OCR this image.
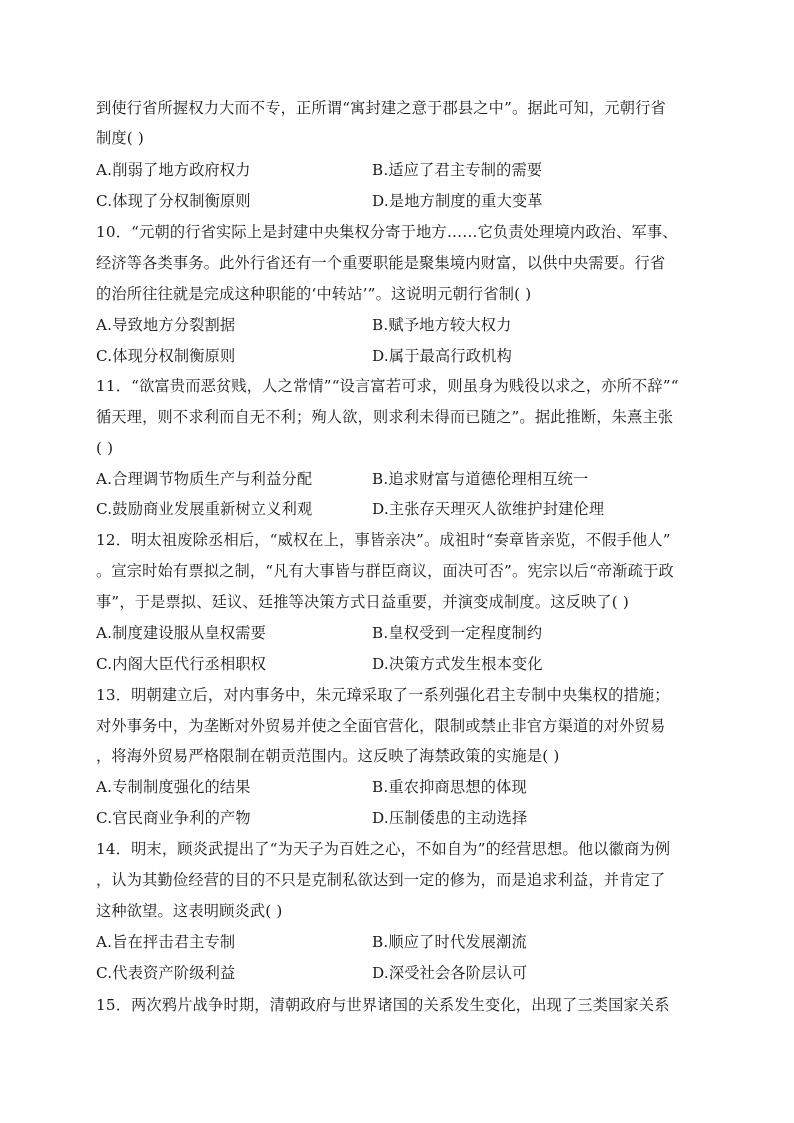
到使行省所握权力大而不专，正所谓“寓封建之意于郡县之中”。据此可知，元朝行省
制度( )
A.削弱了地方政府权力	B.适应了君主专制的需要
C.体现了分权制衡原则	D.是地方制度的重大变革
10．“元朝的行省实际上是封建中央集权分寄于地方……它负责处理境内政治、军事、
经济等各类事务。此外行省还有一个重要职能是聚集境内财富，以供中央需要。行省
的治所往往就是完成这种职能的‘中转站’”。这说明元朝行省制( )
A.导致地方分裂割据	B.赋予地方较大权力
C.体现分权制衡原则	D.属于最高行政机构
11．“欲富贵而恶贫贱，人之常情”“设言富若可求，则虽身为贱役以求之，亦所不辞”“
循天理，则不求利而自无不利；殉人欲，则求利未得而已随之”。据此推断，朱熹主张
( )
A.合理调节物质生产与利益分配	B.追求财富与道德伦理相互统一
C.鼓励商业发展重新树立义利观	D.主张存天理灭人欲维护封建伦理
12．明太祖废除丞相后，“威权在上，事皆亲决”。成祖时“奏章皆亲览，不假手他人”
。宣宗时始有票拟之制，“凡有大事皆与群臣商议，面决可否”。宪宗以后“帝渐疏于政
事”，于是票拟、廷议、廷推等决策方式日益重要，并演变成制度。这反映了( )
A.制度建设服从皇权需要	B.皇权受到一定程度制约
C.内阁大臣代行丞相职权	D.决策方式发生根本变化
13．明朝建立后，对内事务中，朱元璋采取了一系列强化君主专制中央集权的措施；
对外事务中，为垄断对外贸易并使之全面官营化，限制或禁止非官方渠道的对外贸易
，将海外贸易严格限制在朝贡范围内。这反映了海禁政策的实施是( )
A.专制制度强化的结果	B.重农抑商思想的体现
C.官民商业争利的产物	D.压制倭患的主动选择
14．明末，顾炎武提出了“为天子为百姓之心，不如自为”的经营思想。他以徽商为例
，认为其勤俭经营的目的不只是克制私欲达到一定的修为，而是追求利益，并肯定了
这种欲望。这表明顾炎武( )
A.旨在抨击君主专制	B.顺应了时代发展潮流
C.代表资产阶级利益	D.深受社会各阶层认可
15．两次鸦片战争时期，清朝政府与世界诸国的关系发生变化，出现了三类国家关系
